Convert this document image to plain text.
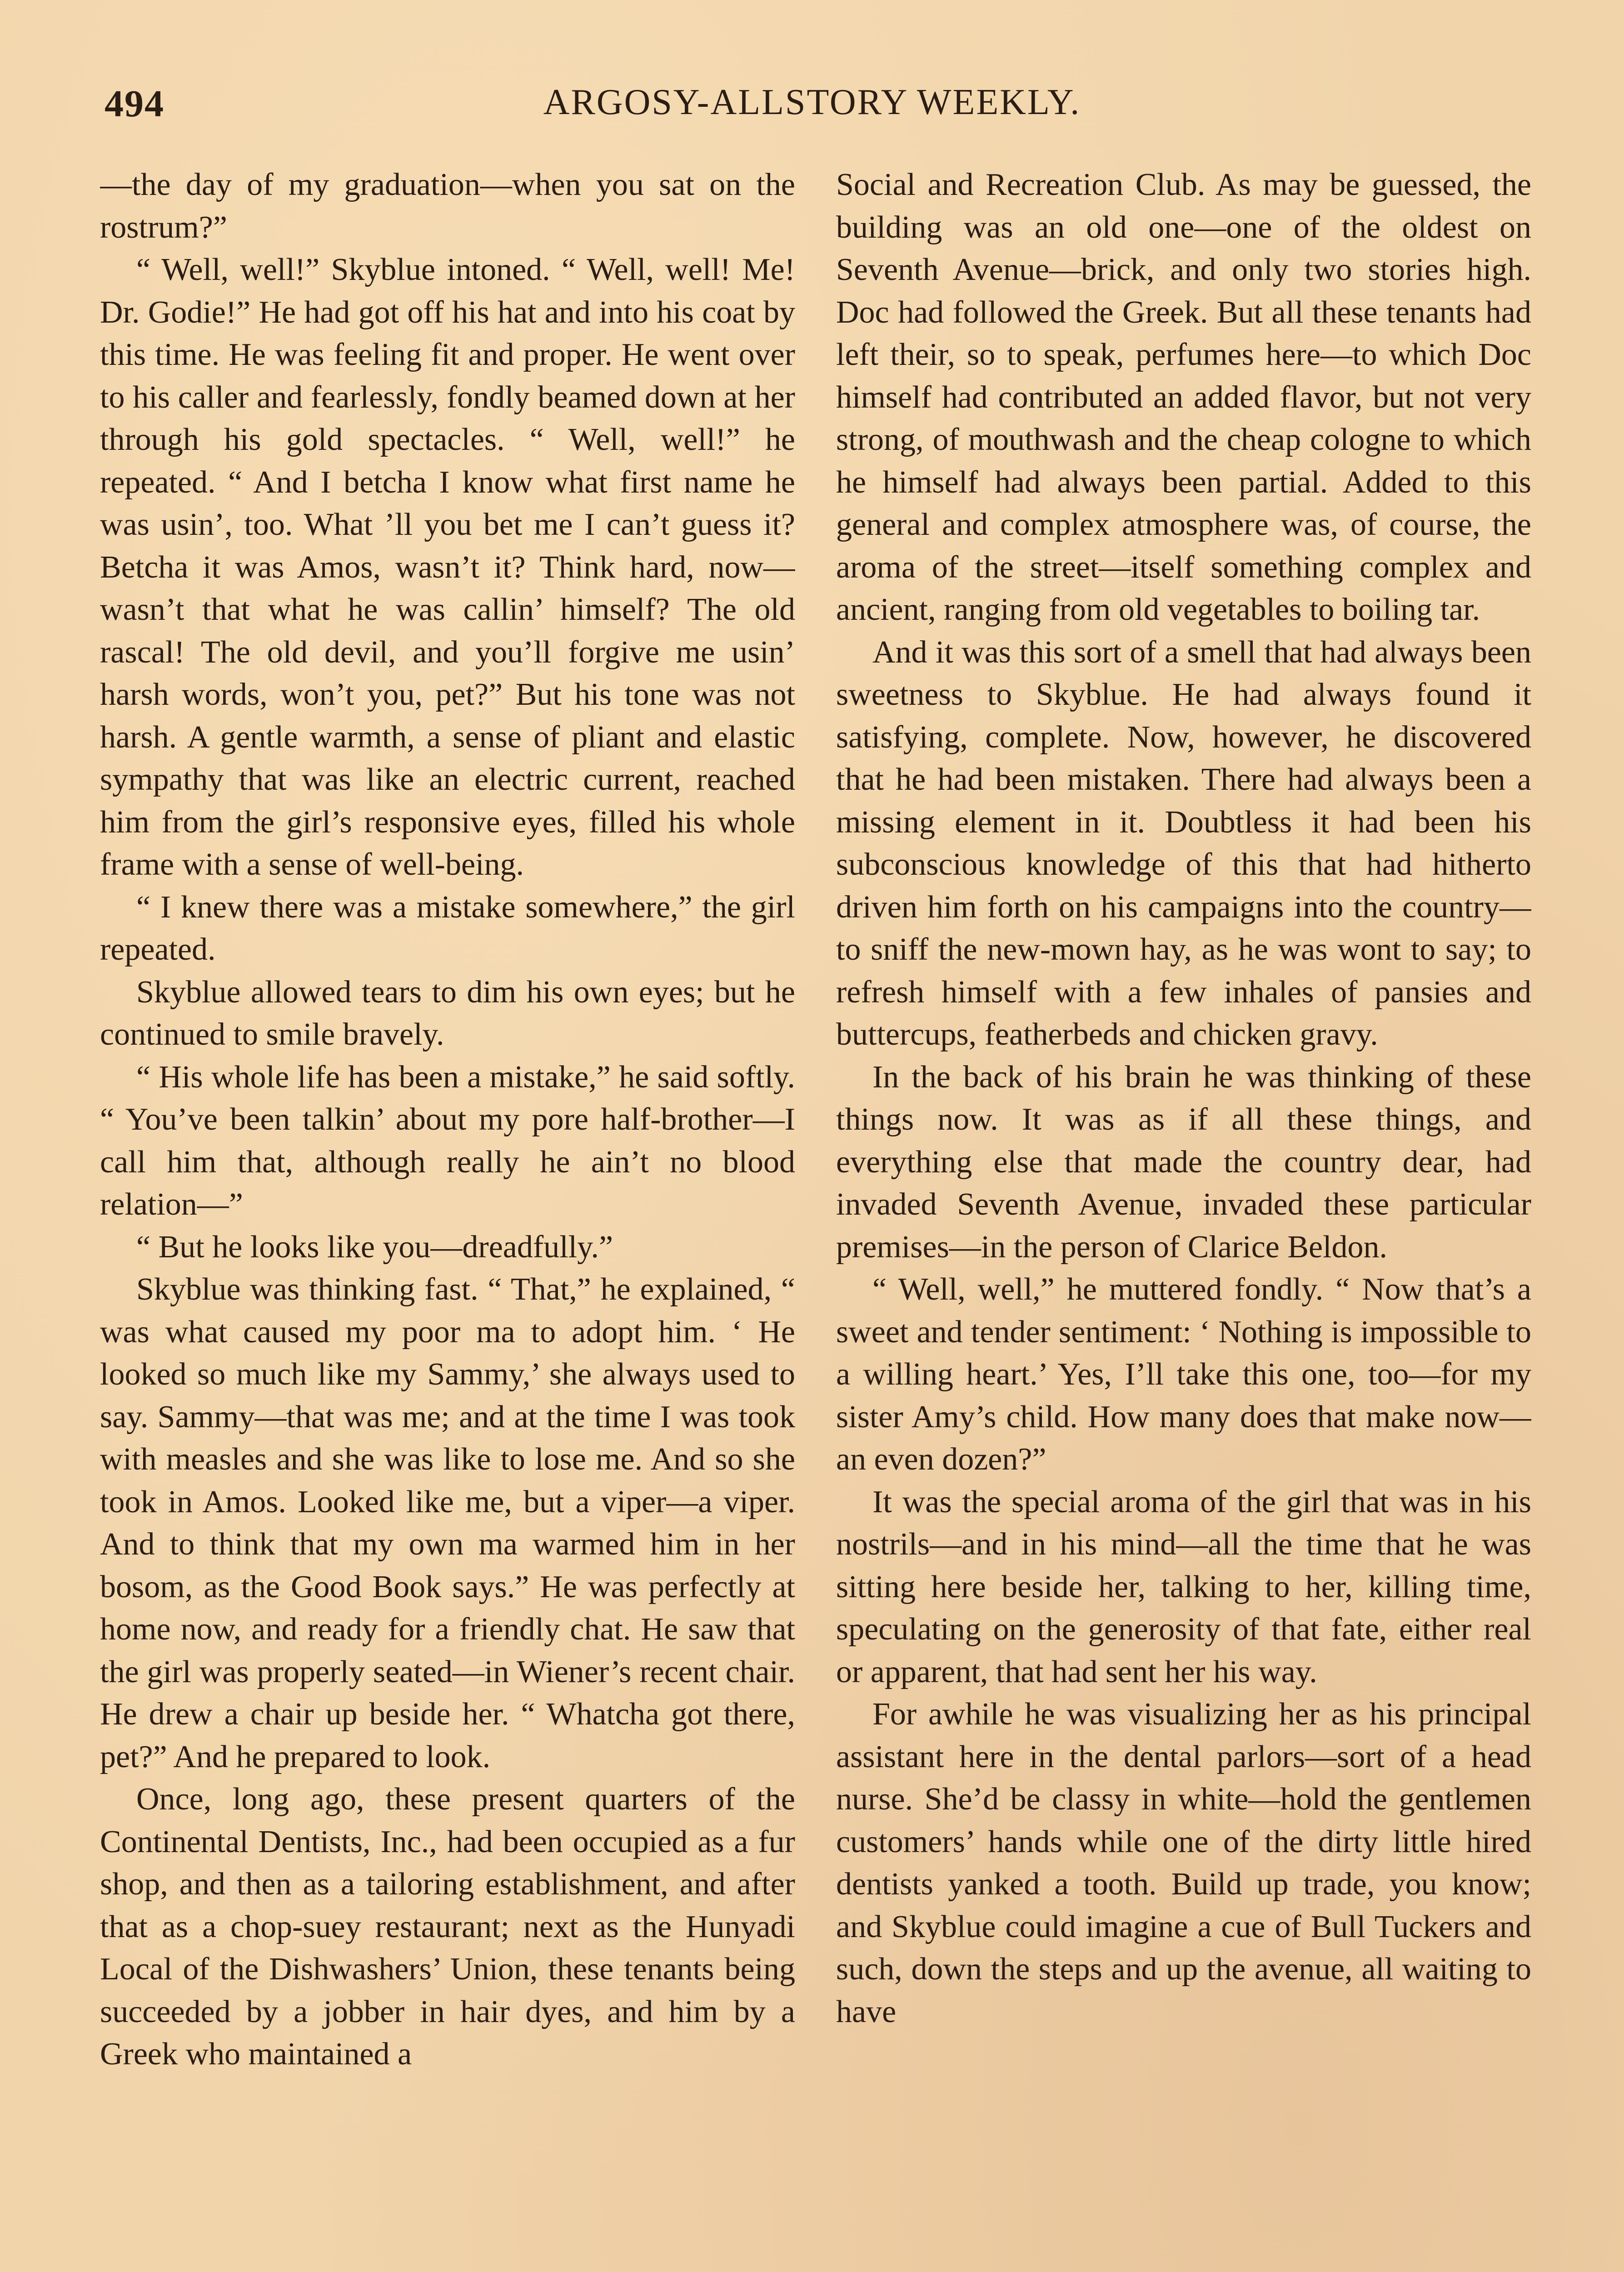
494	ARGOSY-ALLSTORY WEEKLY.

—the day of my graduation—when you sat on the rostrum?”

“ Well, well!” Skyblue intoned. “ Well, well! Me! Dr. Godie!” He had got off his hat and into his coat by this time. He was feeling fit and proper. He went over to his caller and fearlessly, fondly beamed down at her through his gold spectacles. “ Well, well!” he repeated. “ And I betcha I know what first name he was usin’, too. What ’ll you bet me I can’t guess it? Betcha it was Amos, wasn’t it? Think hard, now—wasn’t that what he was callin’ himself? The old rascal! The old devil, and you’ll forgive me usin’ harsh words, won’t you, pet?” But his tone was not harsh. A gentle warmth, a sense of pliant and elastic sympathy that was like an electric current, reached him from the girl’s responsive eyes, filled his whole frame with a sense of well-being.

“ I knew there was a mistake somewhere,” the girl repeated.

Skyblue allowed tears to dim his own eyes; but he continued to smile bravely.

“ His whole life has been a mistake,” he said softly. “ You’ve been talkin’ about my pore half-brother—I call him that, although really he ain’t no blood relation—”

“ But he looks like you—dreadfully.”

Skyblue was thinking fast. “ That,” he explained, “ was what caused my poor ma to adopt him. ‘ He looked so much like my Sammy,’ she always used to say. Sammy—that was me; and at the time I was took with measles and she was like to lose me. And so she took in Amos. Looked like me, but a viper—a viper. And to think that my own ma warmed him in her bosom, as the Good Book says.” He was perfectly at home now, and ready for a friendly chat. He saw that the girl was properly seated—in Wiener’s recent chair. He drew a chair up beside her. “ Whatcha got there, pet?” And he prepared to look.

Once, long ago, these present quarters of the Continental Dentists, Inc., had been occupied as a fur shop, and then as a tailoring establishment, and after that as a chop-suey restaurant; next as the Hunyadi Local of the Dishwashers’ Union, these tenants being succeeded by a jobber in hair dyes, and him by a Greek who maintained a

Social and Recreation Club. As may be guessed, the building was an old one—one of the oldest on Seventh Avenue—brick, and only two stories high. Doc had followed the Greek. But all these tenants had left their, so to speak, perfumes here—to which Doc himself had contributed an added flavor, but not very strong, of mouthwash and the cheap cologne to which he himself had always been partial. Added to this general and complex atmosphere was, of course, the aroma of the street—itself something complex and ancient, ranging from old vegetables to boiling tar.

And it was this sort of a smell that had always been sweetness to Skyblue. He had always found it satisfying, complete. Now, however, he discovered that he had been mistaken. There had always been a missing element in it. Doubtless it had been his subconscious knowledge of this that had hitherto driven him forth on his campaigns into the country—to sniff the new-mown hay, as he was wont to say; to refresh himself with a few inhales of pansies and buttercups, featherbeds and chicken gravy.

In the back of his brain he was thinking of these things now. It was as if all these things, and everything else that made the country dear, had invaded Seventh Avenue, invaded these particular premises—in the person of Clarice Beldon.

“ Well, well,” he muttered fondly. “ Now that’s a sweet and tender sentiment: ‘ Nothing is impossible to a willing heart.’ Yes, I’ll take this one, too—for my sister Amy’s child. How many does that make now—an even dozen?”

It was the special aroma of the girl that was in his nostrils—and in his mind—all the time that he was sitting here beside her, talking to her, killing time, speculating on the generosity of that fate, either real or apparent, that had sent her his way.

For awhile he was visualizing her as his principal assistant here in the dental parlors—sort of a head nurse. She’d be classy in white—hold the gentlemen customers’ hands while one of the dirty little hired dentists yanked a tooth. Build up trade, you know; and Skyblue could imagine a cue of Bull Tuckers and such, down the steps and up the avenue, all waiting to have
